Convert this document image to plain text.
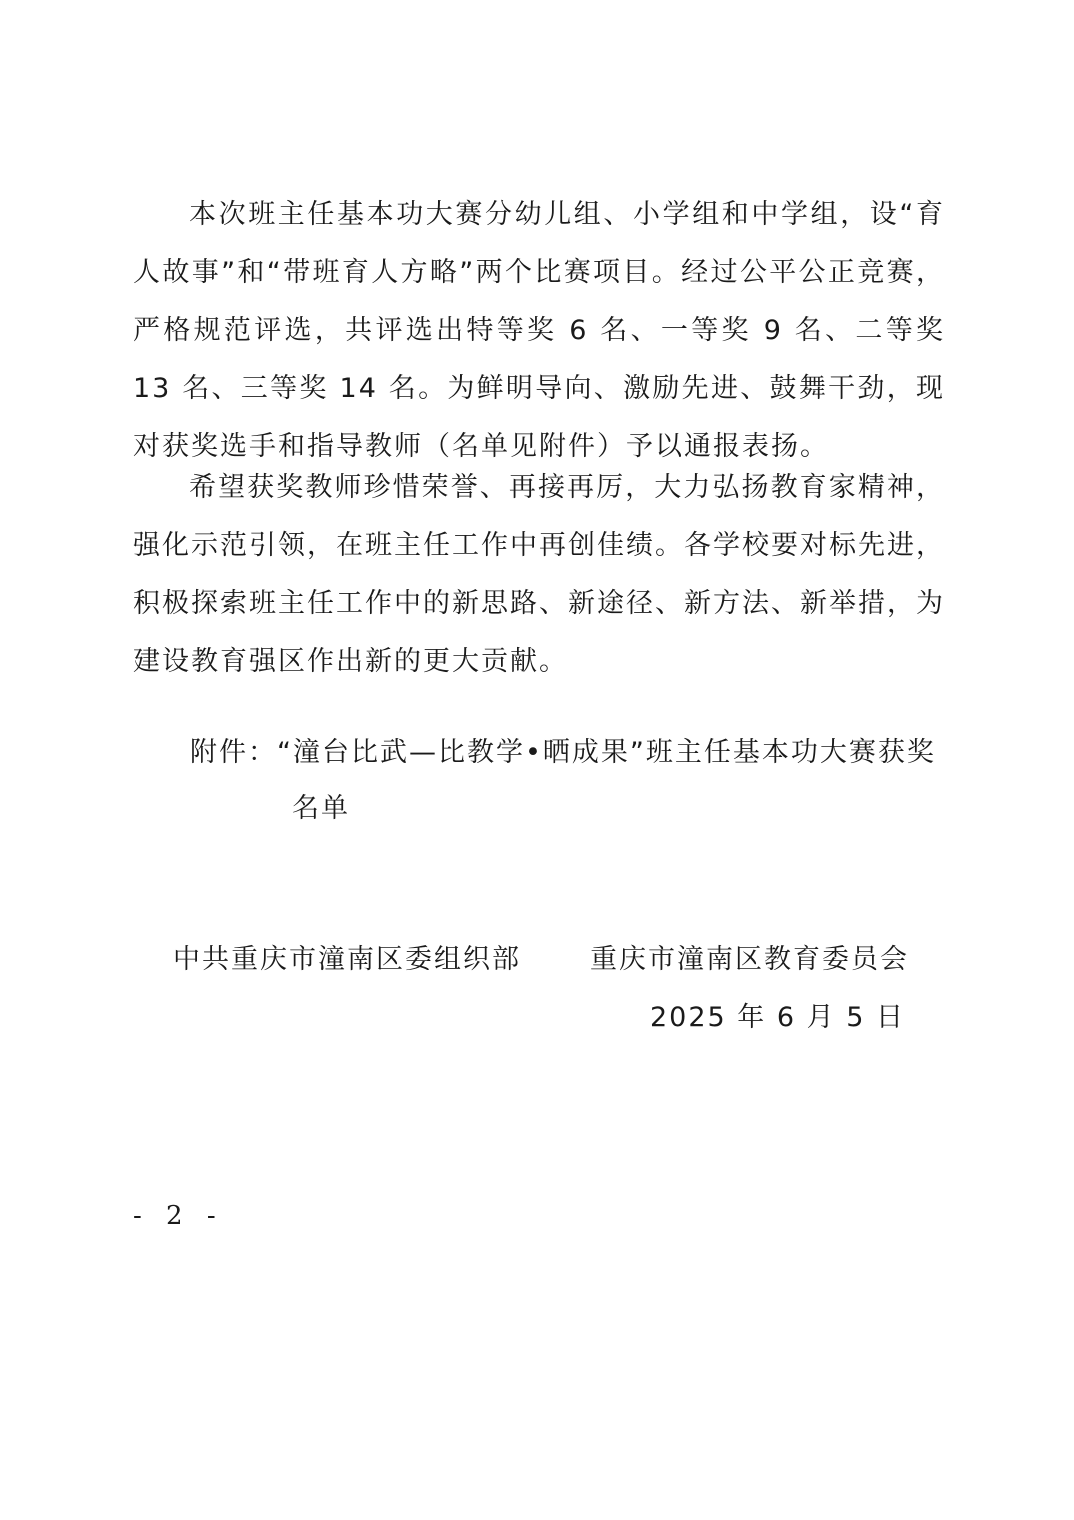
本次班主任基本功大赛分幼儿组、小学组和中学组，设“育人故事”和“带班育人方略”两个比赛项目。经过公平公正竞赛，严格规范评选，共评选出特等奖 6 名、一等奖 9 名、二等奖 13 名、三等奖 14 名。为鲜明导向、激励先进、鼓舞干劲，现对获奖选手和指导教师（名单见附件）予以通报表扬。

希望获奖教师珍惜荣誉、再接再厉，大力弘扬教育家精神，强化示范引领，在班主任工作中再创佳绩。各学校要对标先进，积极探索班主任工作中的新思路、新途径、新方法、新举措，为建设教育强区作出新的更大贡献。

附件：“潼台比武—比教学•晒成果”班主任基本功大赛获奖
名单
中共重庆市潼南区委组织部	重庆市潼南区教育委员会
2025 年 6 月 5 日
- 2 -
